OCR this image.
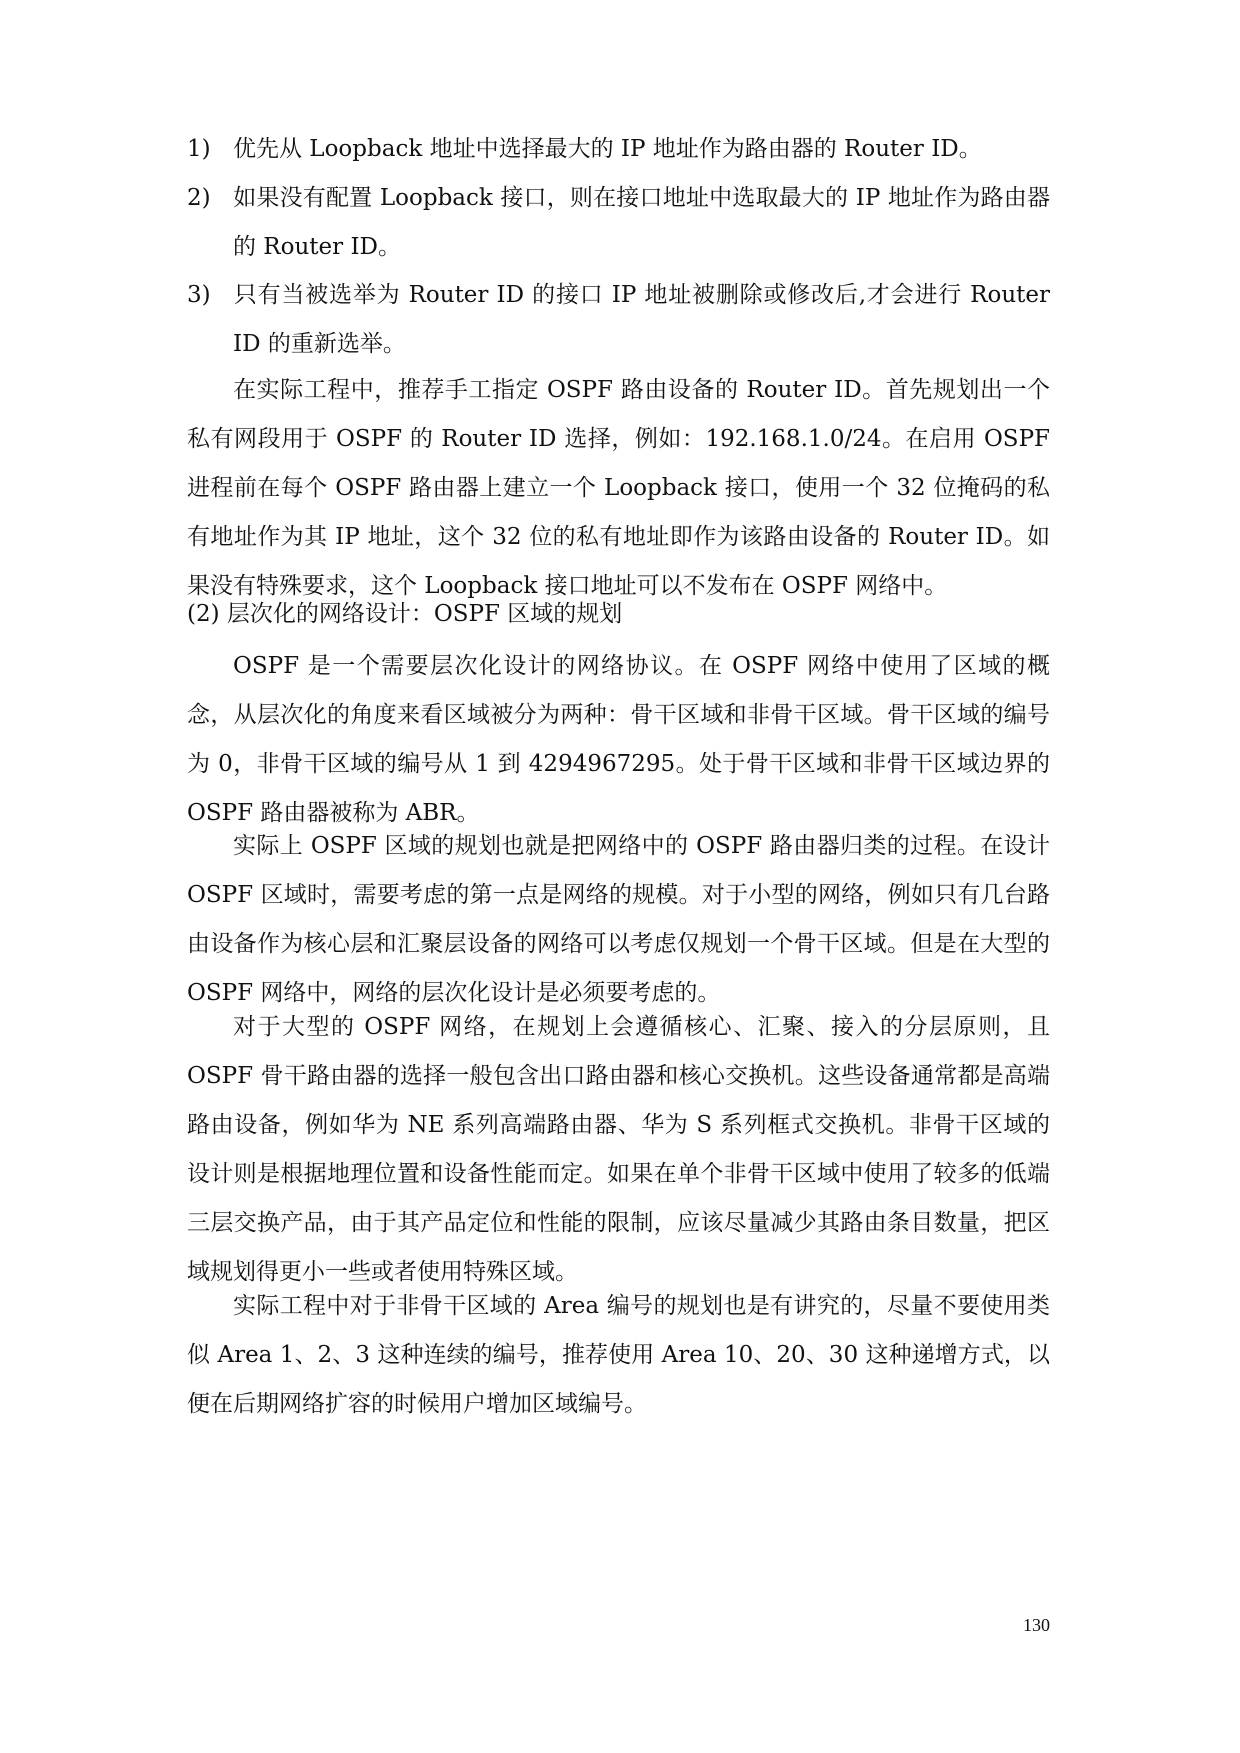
1) 优先从 Loopback 地址中选择最大的 IP 地址作为路由器的 Router ID。
2) 如果没有配置 Loopback 接口，则在接口地址中选取最大的 IP 地址作为路由器的 Router ID。
3) 只有当被选举为 Router ID 的接口 IP 地址被删除或修改后,才会进行 Router ID 的重新选举。

在实际工程中，推荐手工指定 OSPF 路由设备的 Router ID。首先规划出一个私有网段用于 OSPF 的 Router ID 选择，例如：192.168.1.0/24。在启用 OSPF 进程前在每个 OSPF 路由器上建立一个 Loopback 接口，使用一个 32 位掩码的私有地址作为其 IP 地址，这个 32 位的私有地址即作为该路由设备的 Router ID。如果没有特殊要求，这个 Loopback 接口地址可以不发布在 OSPF 网络中。

(2) 层次化的网络设计：OSPF 区域的规划

OSPF 是一个需要层次化设计的网络协议。在 OSPF 网络中使用了区域的概念，从层次化的角度来看区域被分为两种：骨干区域和非骨干区域。骨干区域的编号为 0，非骨干区域的编号从 1 到 4294967295。处于骨干区域和非骨干区域边界的 OSPF 路由器被称为 ABR。

实际上 OSPF 区域的规划也就是把网络中的 OSPF 路由器归类的过程。在设计 OSPF 区域时，需要考虑的第一点是网络的规模。对于小型的网络，例如只有几台路由设备作为核心层和汇聚层设备的网络可以考虑仅规划一个骨干区域。但是在大型的 OSPF 网络中，网络的层次化设计是必须要考虑的。

对于大型的 OSPF 网络，在规划上会遵循核心、汇聚、接入的分层原则，且 OSPF 骨干路由器的选择一般包含出口路由器和核心交换机。这些设备通常都是高端路由设备，例如华为 NE 系列高端路由器、华为 S 系列框式交换机。非骨干区域的设计则是根据地理位置和设备性能而定。如果在单个非骨干区域中使用了较多的低端三层交换产品，由于其产品定位和性能的限制，应该尽量减少其路由条目数量，把区域规划得更小一些或者使用特殊区域。

实际工程中对于非骨干区域的 Area 编号的规划也是有讲究的，尽量不要使用类似 Area 1、2、3 这种连续的编号，推荐使用 Area 10、20、30 这种递增方式，以便在后期网络扩容的时候用户增加区域编号。

130
